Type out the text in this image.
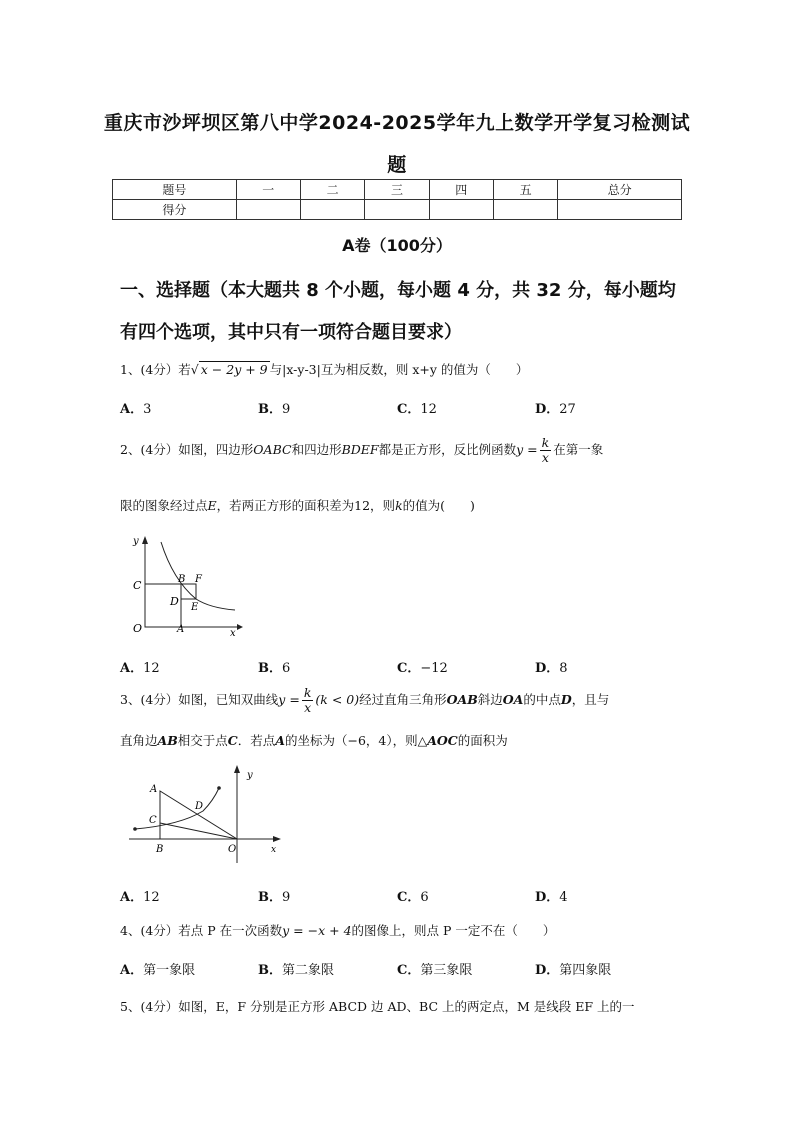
重庆市沙坪坝区第八中学2024-2025学年九上数学开学复习检测试
题
题号	一	二	三	四	五	总分
得分						
A卷（100分）
一、选择题（本大题共 8 个小题，每小题 4 分，共 32 分，每小题均
有四个选项，其中只有一项符合题目要求）
1、(4分）若√ x − 2y + 9 与|x-y-3|互为相反数，则 x+y 的值为（　　）
A．3	B．9	C．12	D．27
2、(4分）如图，四边形OABC和四边形BDEF都是正方形，反比例函数$y = \frac{k}{x}$ 在第一象
限的图象经过点E，若两正方形的面积差为12，则k的值为(　　)
y
x
C	B F
D E
O	A
A．12	B．6	C．−12	D．8
3、(4分）如图，已知双曲线$y = \frac{k}{x} (k < 0)$经过直角三角形OAB斜边OA的中点D，且与
直角边AB相交于点C．若点A的坐标为（−6，4），则△AOC的面积为
A
D
C
B	O
y
x
A．12	B．9	C．6	D．4
4、(4分）若点 P 在一次函数y = −x + 4的图像上，则点 P 一定不在（　　）
A．第一象限	B．第二象限	C．第三象限	D．第四象限
5、(4分）如图，E，F 分别是正方形 ABCD 边 AD、BC 上的两定点，M 是线段 EF 上的一
